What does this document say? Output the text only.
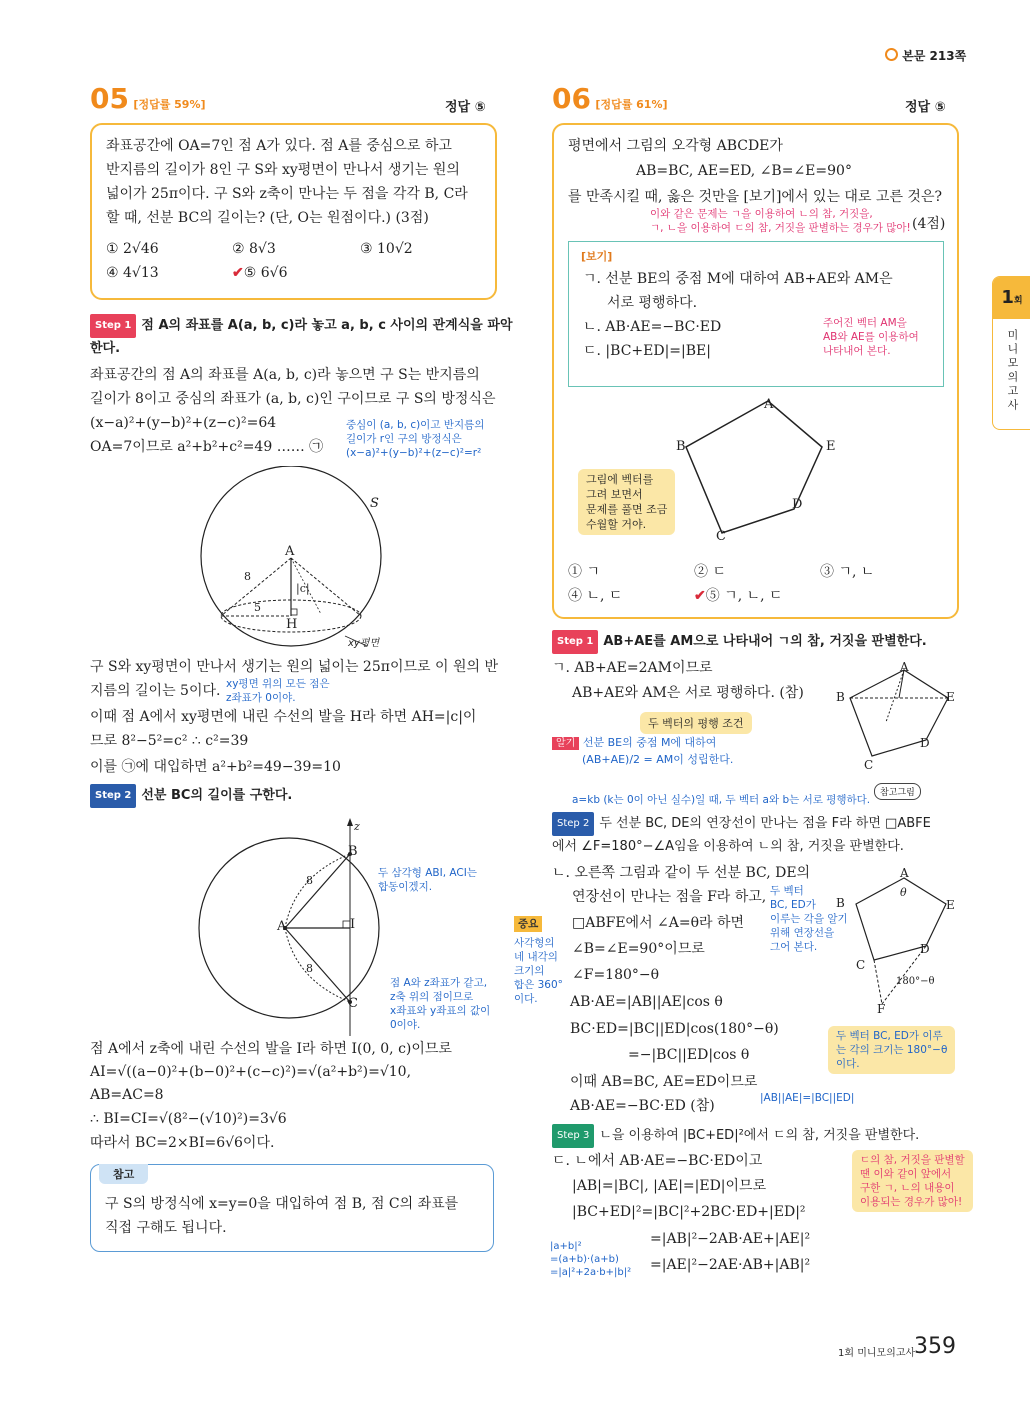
본문 213쪽
1회
미니모의고사
05 [정답률 59%]	정답 ⑤
좌표공간에 OA=7인 점 A가 있다. 점 A를 중심으로 하고
반지름의 길이가 8인 구 S와 xy평면이 만나서 생기는 원의
넓이가 25π이다. 구 S와 z축이 만나는 두 점을 각각 B, C라
할 때, 선분 BC의 길이는? (단, O는 원점이다.) (3점)
① 2√46	② 8√3	③ 10√2
④ 4√13	✔⑤ 6√6
Step 1 점 A의 좌표를 A(a, b, c)라 놓고 a, b, c 사이의 관계식을 파악
한다.
좌표공간의 점 A의 좌표를 A(a, b, c)라 놓으면 구 S는 반지름의
길이가 8이고 중심의 좌표가 (a, b, c)인 구이므로 구 S의 방정식은
(x−a)²+(y−b)²+(z−c)²=64
OA=7이므로 a²+b²+c²=49 …… ㉠
중심이 (a, b, c)이고 반지름의
길이가 r인 구의 방정식은
(x−a)²+(y−b)²+(z−c)²=r²
S
A
8
|c|
5
H
xy평면
구 S와 xy평면이 만나서 생기는 원의 넓이는 25π이므로 이 원의 반
지름의 길이는 5이다. xy평면 위의 모든 점은
z좌표가 0이야.
이때 점 A에서 xy평면에 내린 수선의 발을 H라 하면 AH=|c|이
므로 8²−5²=c² ∴ c²=39
이를 ㉠에 대입하면 a²+b²=49−39=10
Step 2 선분 BC의 길이를 구한다.
z
B
8
A	I
8
C
두 삼각형 ABI, ACI는
합동이겠지.
점 A와 z좌표가 같고,
z축 위의 점이므로
x좌표와 y좌표의 값이
0이야.
점 A에서 z축에 내린 수선의 발을 I라 하면 I(0, 0, c)이므로
AI=√((a−0)²+(b−0)²+(c−c)²)=√(a²+b²)=√10,
AB=AC=8
∴ BI=CI=√(8²−(√10)²)=3√6
따라서 BC=2×BI=6√6이다.
참고
구 S의 방정식에 x=y=0을 대입하여 점 B, 점 C의 좌표를
직접 구해도 됩니다.
06 [정답률 61%]	정답 ⑤
평면에서 그림의 오각형 ABCDE가
AB=BC, AE=ED, ∠B=∠E=90°
를 만족시킬 때, 옳은 것만을 [보기]에서 있는 대로 고른 것은?
이와 같은 문제는 ㄱ을 이용하여 ㄴ의 참, 거짓을,
ㄱ, ㄴ을 이용하여 ㄷ의 참, 거짓을 판별하는 경우가 많아! (4점)
[보기]
ㄱ. 선분 BE의 중점 M에 대하여 AB+AE와 AM은
서로 평행하다.
ㄴ. AB·AE=−BC·ED
ㄷ. |BC+ED|=|BE|
주어진 벡터 AM을
AB와 AE를 이용하여
나타내어 본다.
A
B	E
D
C
그림에 벡터를
그려 보면서
문제를 풀면 조금
수월할 거야.
① ㄱ	② ㄷ	③ ㄱ, ㄴ
④ ㄴ, ㄷ	✔⑤ ㄱ, ㄴ, ㄷ
Step 1 AB+AE를 AM으로 나타내어 ㄱ의 참, 거짓을 판별한다.
ㄱ. AB+AE=2AM이므로
AB+AE와 AM은 서로 평행하다. (참)
두 벡터의 평행 조건
알기 선분 BE의 중점 M에 대하여
(AB+AE)/2 = AM이 성립한다.
a=kb (k는 0이 아닌 실수)일 때, 두 벡터 a와 b는 서로 평행하다.
A
B	E
D
C
참고그림
Step 2 두 선분 BC, DE의 연장선이 만나는 점을 F라 하면 □ABFE
에서 ∠F=180°−∠A임을 이용하여 ㄴ의 참, 거짓을 판별한다.
ㄴ. 오른쪽 그림과 같이 두 선분 BC, DE의
연장선이 만나는 점을 F라 하고, 두 벡터
BC, ED가
이루는 각을 알기
위해 연장선을
그어 본다.
중요
사각형의
네 내각의
크기의
합은 360°
이다.
□ABFE에서 ∠A=θ라 하면
∠B=∠E=90°이므로
∠F=180°−θ
AB·AE=|AB||AE|cos θ
BC·ED=|BC||ED|cos(180°−θ)
=−|BC||ED|cos θ
이때 AB=BC, AE=ED이므로
AB·AE=−BC·ED (참)
두 벡터 BC, ED가 이루
는 각의 크기는 180°−θ
이다.
|AB||AE|=|BC||ED|
A
θ
B	E
D
C
180°−θ
F
Step 3 ㄴ을 이용하여 |BC+ED|²에서 ㄷ의 참, 거짓을 판별한다.
ㄷ. ㄴ에서 AB·AE=−BC·ED이고
|AB|=|BC|, |AE|=|ED|이므로
|BC+ED|²=|BC|²+2BC·ED+|ED|²
=|AB|²−2AB·AE+|AE|²
=|AE|²−2AE·AB+|AB|²
|a+b|²
=(a+b)·(a+b)
=|a|²+2a·b+|b|²
ㄷ의 참, 거짓을 판별할
땐 이와 같이 앞에서
구한 ㄱ, ㄴ의 내용이
이용되는 경우가 많아!
1회 미니모의고사
359
